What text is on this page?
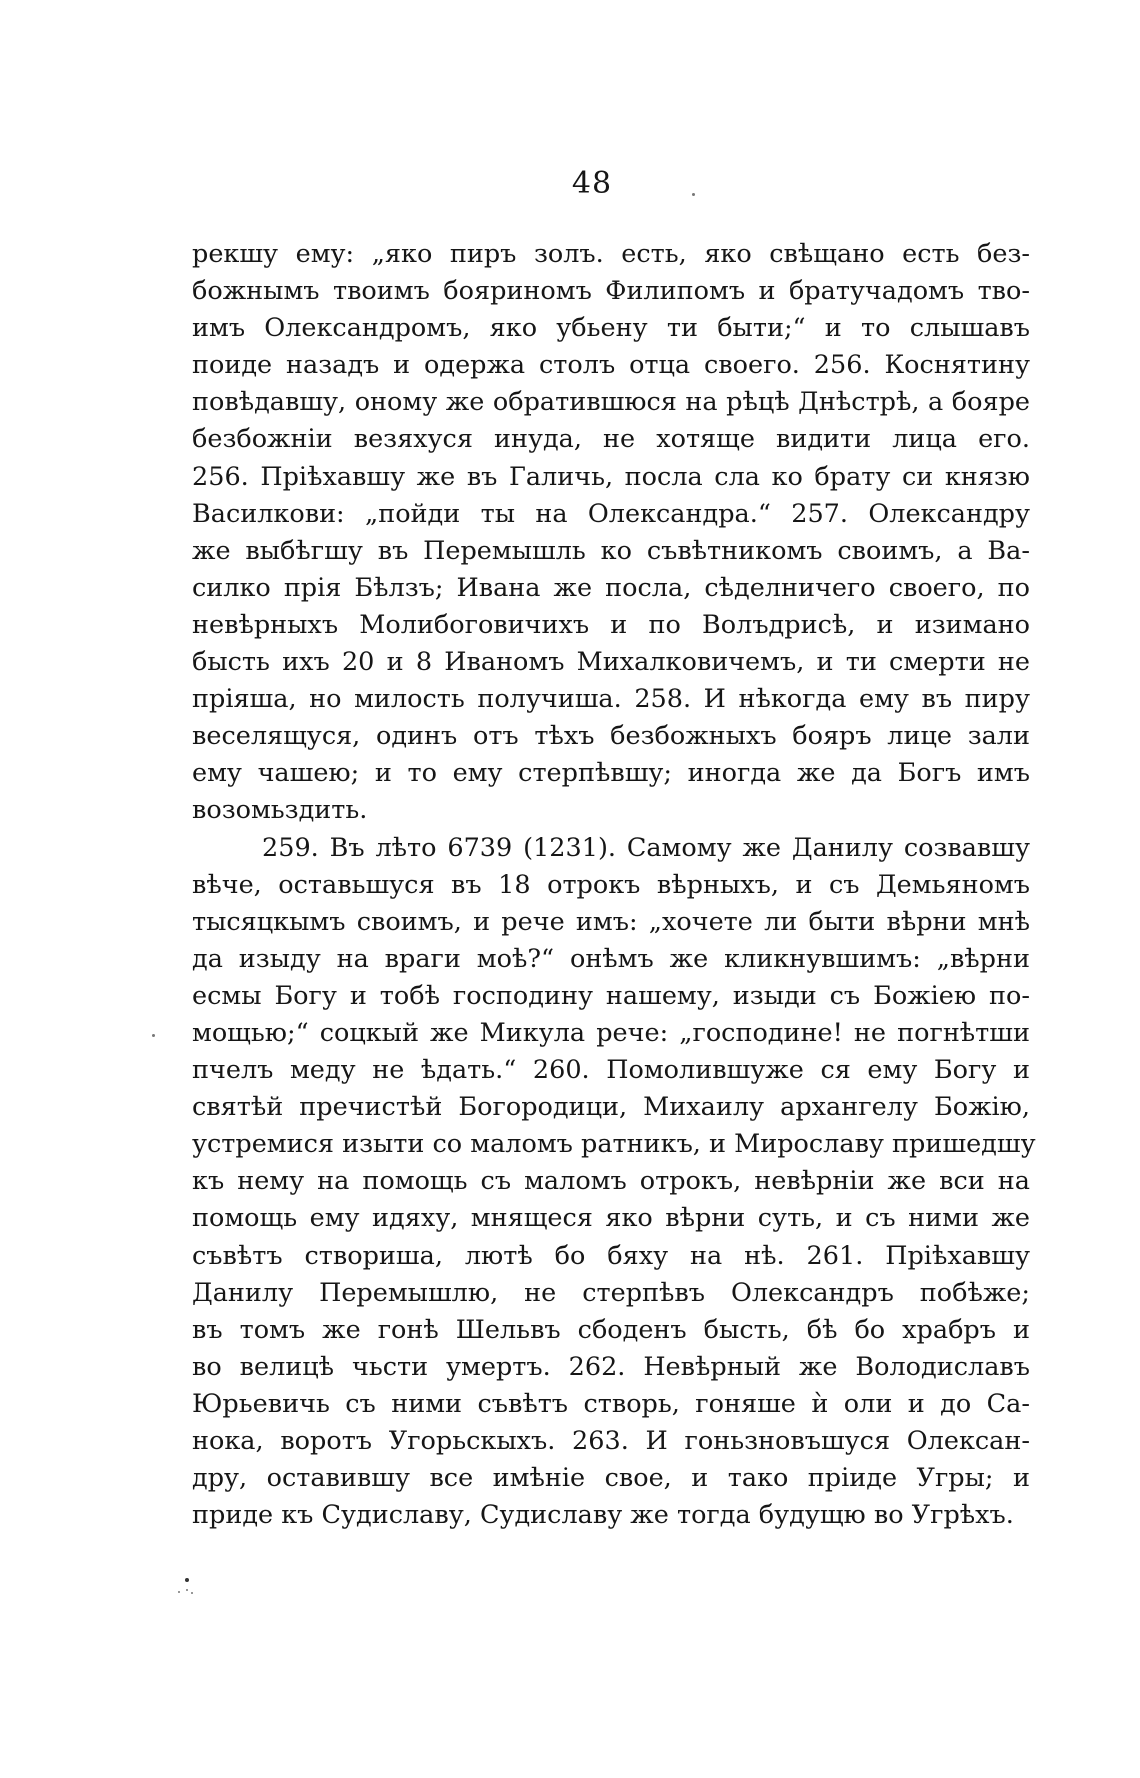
48
рекшу ему: „яко пиръ золъ. есть, яко свѣщано есть без-
божнымъ твоимъ бояриномъ Филипомъ и братучадомъ тво-
имъ Олександромъ, яко убьену ти быти;“ и то слышавъ
поиде назадъ и одержа столъ отца своего. 256. Коснятину
повѣдавшу, оному же обратившюся на рѣцѣ Днѣстрѣ, а бояре
безбожніи везяхуся инуда, не хотяще видити лица его.
256. Пріѣхавшу же въ Галичь, посла сла ко брату си князю
Василкови: „пойди ты на Олександра.“ 257. Олександру
же выбѣгшу въ Перемышль ко съвѣтникомъ своимъ, а Ва-
силко прія Бѣлзъ; Ивана же посла, сѣделничего своего, по
невѣрныхъ Молибоговичихъ и по Волъдрисѣ, и изимано
бысть ихъ 20 и 8 Иваномъ Михалковичемъ, и ти смерти не
пріяша, но милость получиша. 258. И нѣкогда ему въ пиру
веселящуся, одинъ отъ тѣхъ безбожныхъ бояръ лице зали
ему чашею; и то ему стерпѣвшу; иногда же да Богъ имъ
возомьздить.
259. Въ лѣто 6739 (1231). Самому же Данилу созвавшу
вѣче, оставьшуся въ 18 отрокъ вѣрныхъ, и съ Демьяномъ
тысяцкымъ своимъ, и рече имъ: „хочете ли быти вѣрни мнѣ
да изыду на враги моѣ?“ онѣмъ же кликнувшимъ: „вѣрни
есмы Богу и тобѣ господину нашему, изыди съ Божіею по-
мощью;“ соцкый же Микула рече: „господине! не погнѣтши
пчелъ меду не ѣдать.“ 260. Помолившуже ся ему Богу и
святѣй пречистѣй Богородици, Михаилу архангелу Божію,
устремися изыти со маломъ ратникъ, и Мирославу пришедшу
къ нему на помощь съ маломъ отрокъ, невѣрніи же вси на
помощь ему идяху, мнящеся яко вѣрни суть, и съ ними же
съвѣтъ створиша, лютѣ бо бяху на нѣ. 261. Пріѣхавшу
Данилу Перемышлю, не стерпѣвъ Олександръ побѣже;
въ томъ же гонѣ Шельвъ сбоденъ бысть, бѣ бо храбръ и
во велицѣ чьсти умертъ. 262. Невѣрный же Володиславъ
Юрьевичь съ ними съвѣтъ створь, гоняше ѝ оли и до Са-
нока, воротъ Угорьскыхъ. 263. И гоньзновъшуся Олексан-
дру, оставившу все имѣніе свое, и тако пріиде Угры; и
приде къ Судиславу, Судиславу же тогда будущю во Угрѣхъ.
